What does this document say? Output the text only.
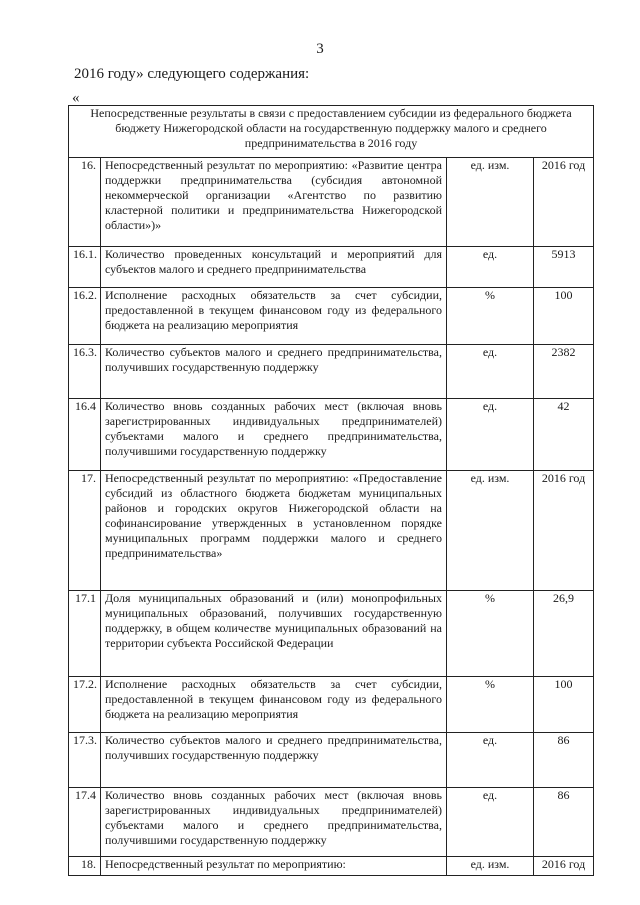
3
2016 году» следующего содержания:
«
Непосредственные результаты в связи с предоставлением субсидии из федерального бюджета бюджету Нижегородской области на государственную поддержку малого и среднего предпринимательства в 2016 году			
16.	Непосредственный результат по мероприятию: «Развитие центра поддержки предпринимательства (субсидия автономной некоммерческой организации «Агентство по развитию кластерной политики и предпринимательства Нижегородской области»)»	ед. изм.	2016 год
16.1.	Количество проведенных консультаций и мероприятий для субъектов малого и среднего предпринимательства	ед.	5913
16.2.	Исполнение расходных обязательств за счет субсидии, предоставленной в текущем финансовом году из федерального бюджета на реализацию мероприятия	%	100
16.3.	Количество субъектов малого и среднего предпринимательства, получивших государственную поддержку	ед.	2382
16.4	Количество вновь созданных рабочих мест (включая вновь зарегистрированных индивидуальных предпринимателей) субъектами малого и среднего предпринимательства, получившими государственную поддержку	ед.	42
17.	Непосредственный результат по мероприятию: «Предоставление субсидий из областного бюджета бюджетам муниципальных районов и городских округов Нижегородской области на софинансирование утвержденных в установленном порядке муниципальных программ поддержки малого и среднего предпринимательства»	ед. изм.	2016 год
17.1	Доля муниципальных образований и (или) монопрофильных муниципальных образований, получивших государственную поддержку, в общем количестве муниципальных образований на территории субъекта Российской Федерации	%	26,9
17.2.	Исполнение расходных обязательств за счет субсидии, предоставленной в текущем финансовом году из федерального бюджета на реализацию мероприятия	%	100
17.3.	Количество субъектов малого и среднего предпринимательства, получивших государственную поддержку	ед.	86
17.4	Количество вновь созданных рабочих мест (включая вновь зарегистрированных индивидуальных предпринимателей) субъектами малого и среднего предпринимательства, получившими государственную поддержку	ед.	86
18.	Непосредственный результат по мероприятию:	ед. изм.	2016 год
